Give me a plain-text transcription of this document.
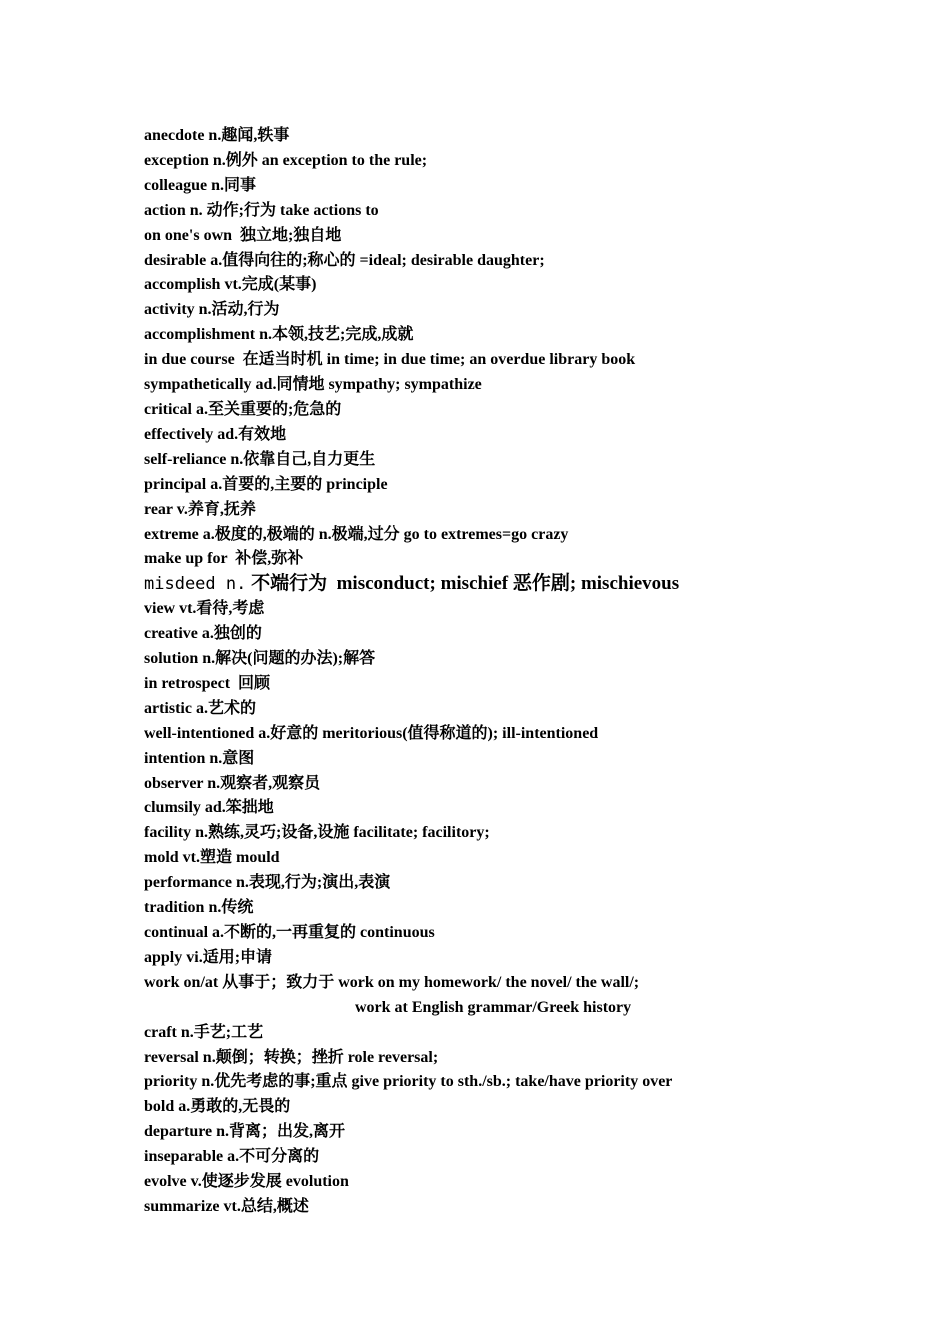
anecdote n.趣闻,轶事
exception n.例外 an exception to the rule;
colleague n.同事
action n. 动作;行为 take actions to
on one's own  独立地;独自地
desirable a.值得向往的;称心的 =ideal; desirable daughter;
accomplish vt.完成(某事)
activity n.活动,行为
accomplishment n.本领,技艺;完成,成就
in due course  在适当时机 in time; in due time; an overdue library book
sympathetically ad.同情地 sympathy; sympathize
critical a.至关重要的;危急的
effectively ad.有效地
self-reliance n.依靠自己,自力更生
principal a.首要的,主要的 principle
rear v.养育,抚养
extreme a.极度的,极端的 n.极端,过分 go to extremes=go crazy
make up for  补偿,弥补
misdeed n. 不端行为  misconduct; mischief 恶作剧; mischievous
view vt.看待,考虑
creative a.独创的
solution n.解决(问题的办法);解答
in retrospect  回顾
artistic a.艺术的
well-intentioned a.好意的 meritorious(值得称道的); ill-intentioned
intention n.意图
observer n.观察者,观察员
clumsily ad.笨拙地
facility n.熟练,灵巧;设备,设施 facilitate; facilitory;
mold vt.塑造 mould
performance n.表现,行为;演出,表演
tradition n.传统
continual a.不断的,一再重复的 continuous
apply vi.适用;申请
work on/at 从事于；致力于 work on my homework/ the novel/ the wall/;
work at English grammar/Greek history
craft n.手艺;工艺
reversal n.颠倒；转换；挫折 role reversal;
priority n.优先考虑的事;重点 give priority to sth./sb.; take/have priority over
bold a.勇敢的,无畏的
departure n.背离；出发,离开
inseparable a.不可分离的
evolve v.使逐步发展 evolution
summarize vt.总结,概述
